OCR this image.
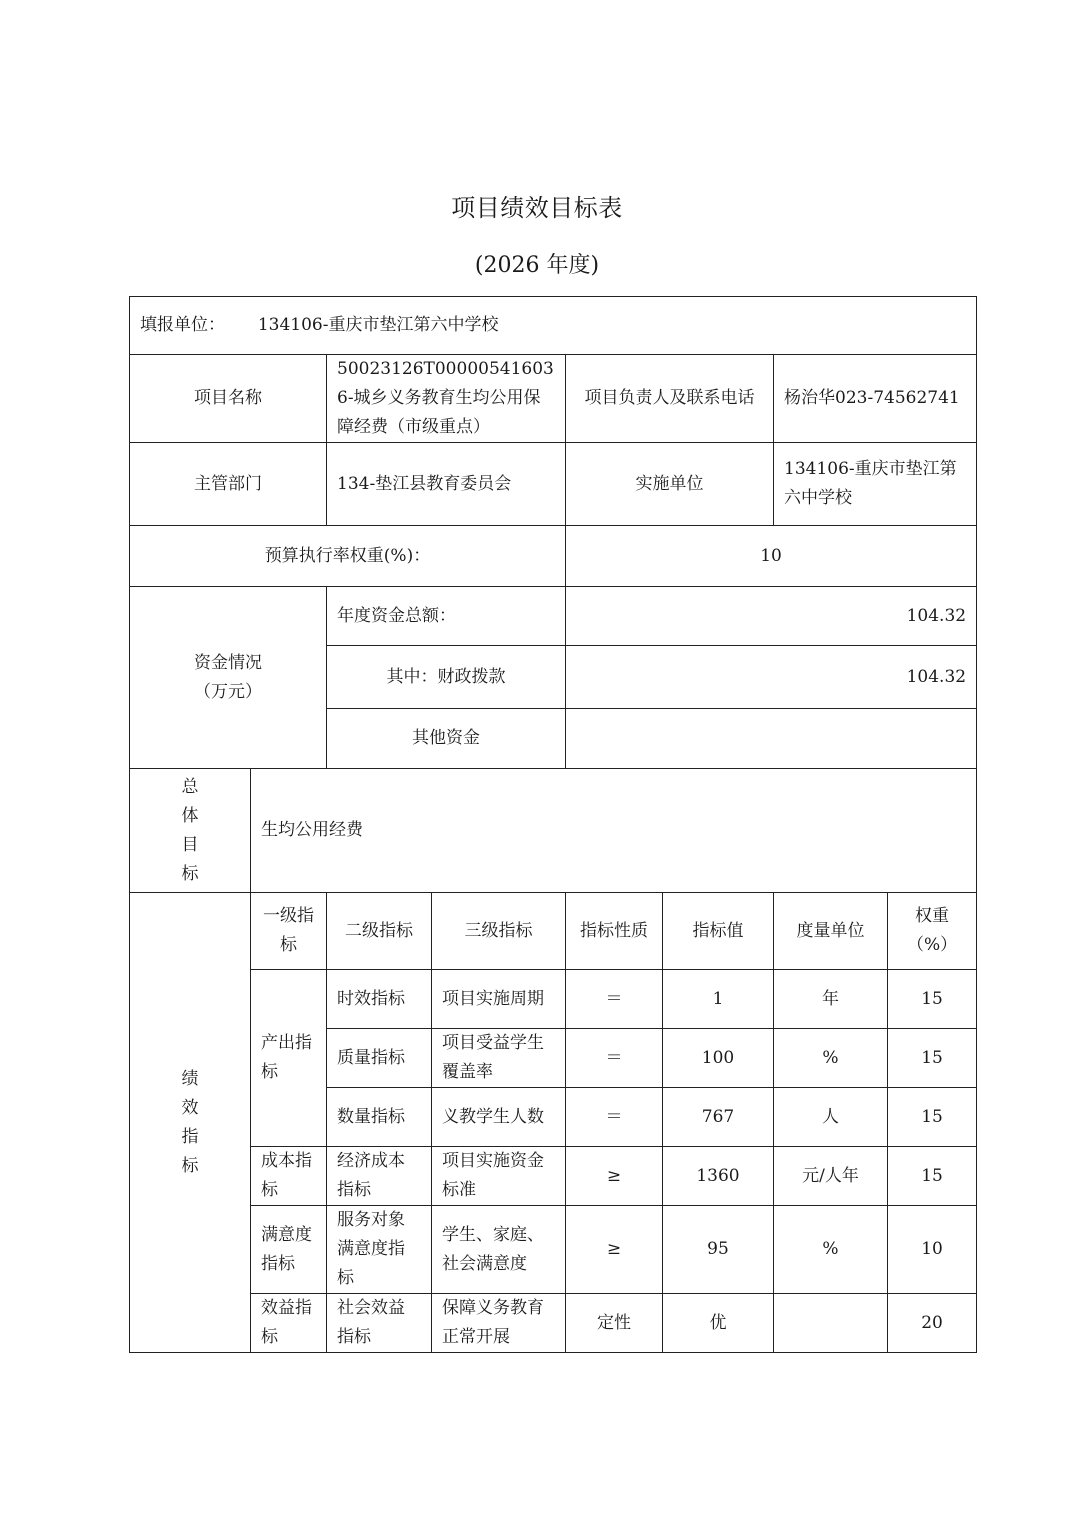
项目绩效目标表
(2026 年度)
填报单位： 134106-重庆市垫江第六中学校							
项目名称		50023126T000005416036-城乡义务教育生均公用保障经费（市级重点）		项目负责人及联系电话		杨治华023-74562741	
主管部门		134-垫江县教育委员会		实施单位		134106-重庆市垫江第六中学校	
预算执行率权重(%)：				10			

资金情况
（万元）		年度资金总额：		104.32			
		其中：财政拨款		104.32			
		其他资金					

总
体
目
标	生均公用经费						

绩
效
指
标	一级指标	二级指标	三级指标	指标性质	指标值	度量单位	权重（%）
	产出指标	时效指标	项目实施周期	＝	1	年	15
		质量指标	项目受益学生覆盖率	＝	100	%	15
		数量指标	义教学生人数	＝	767	人	15
	成本指标	经济成本指标	项目实施资金标准	≥	1360	元/人年	15
	满意度指标	服务对象满意度指标	学生、家庭、社会满意度	≥	95	%	10
	效益指标	社会效益指标	保障义务教育正常开展	定性	优		20
